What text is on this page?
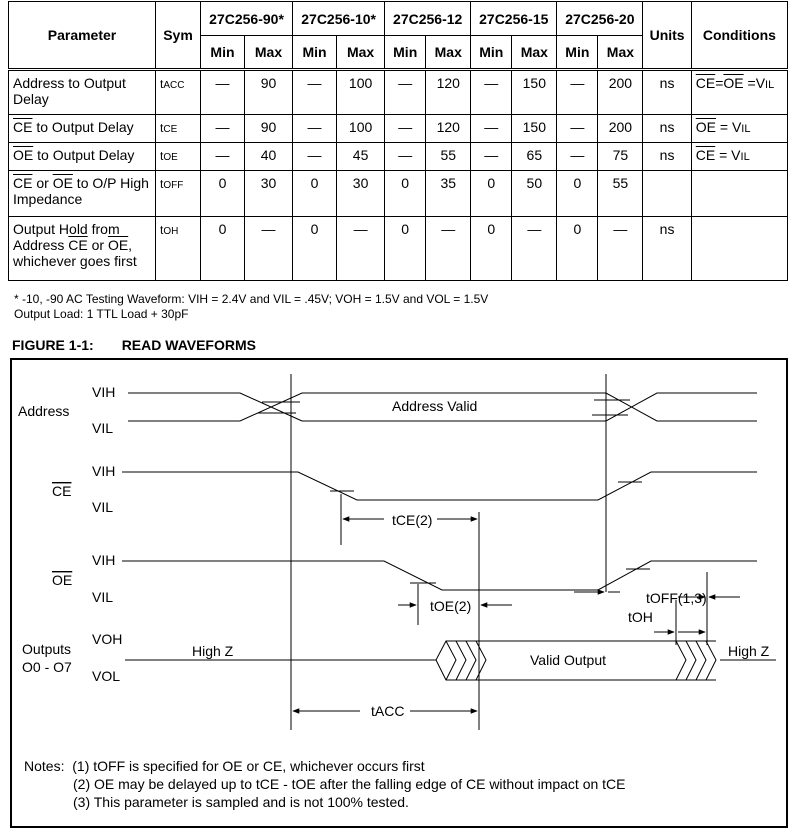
Parameter	Sym	27C256-90*		27C256-10*		27C256-12		27C256-15		27C256-20		Units	Conditions
		Min	Max	Min	Max	Min	Max	Min	Max	Min	Max		
Address to Output Delay	tACC	—	90	—	100	—	120	—	150	—	200	ns	$\overline{CE}=\overline{OE} =VIL$
$\overline{CE}$ to Output Delay	tCE	—	90	—	100	—	120	—	150	—	200	ns	$\overline{OE}$ = VIL
$\overline{OE}$ to Output Delay	tOE	—	40	—	45	—	55	—	65	—	75	ns	$\overline{CE}$ = VIL
$\overline{CE}$ or $\overline{OE}$ to O/P High Impedance	tOFF	0	30	0	30	0	35	0	50	0	55		
Output Hold from Address $\overline{CE}$ or $\overline{OE}$, whichever goes first	tOH	0	—	0	—	0	—	0	—	0	—	ns	
* -10, -90 AC Testing Waveform: VIH = 2.4V and VIL = .45V; VOH = 1.5V and VOL = 1.5V
Output Load: 1 TTL Load + 30pF
FIGURE 1-1: READ WAVEFORMS
Address
CE
OE
Outputs
O0 - O7
VIH
VIL
VIH
VIL
VIH
VIL
VOH
VOL
Address Valid
Valid Output
High Z	High Z
tCE(2)
tOE(2)	tOFF(1,3)
tOH
tACC
Notes: (1) tOFF is specified for OE or CE, whichever occurs first
(2) OE may be delayed up to tCE - tOE after the falling edge of CE without impact on tCE
(3) This parameter is sampled and is not 100% tested.
